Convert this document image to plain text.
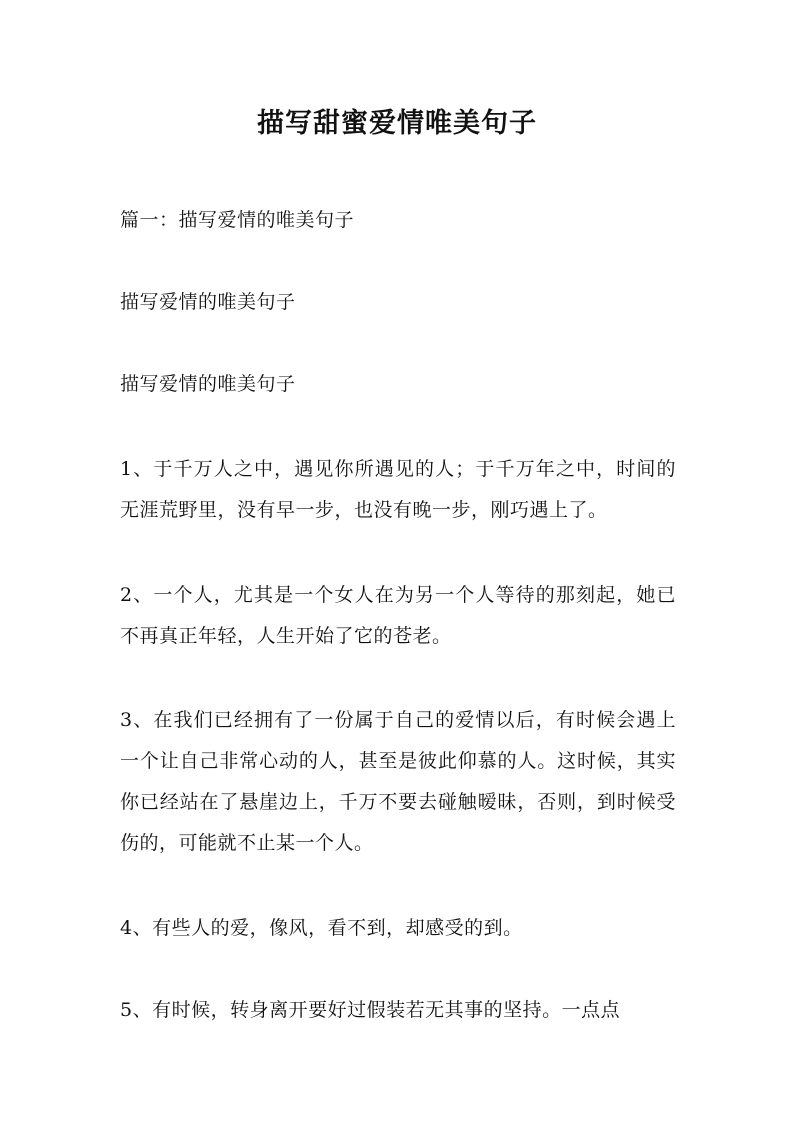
描写甜蜜爱情唯美句子

篇一：描写爱情的唯美句子

描写爱情的唯美句子

描写爱情的唯美句子

1、于千万人之中，遇见你所遇见的人；于千万年之中，时间的无涯荒野里，没有早一步，也没有晚一步，刚巧遇上了。

2、一个人，尤其是一个女人在为另一个人等待的那刻起，她已不再真正年轻，人生开始了它的苍老。

3、在我们已经拥有了一份属于自己的爱情以后，有时候会遇上一个让自己非常心动的人，甚至是彼此仰慕的人。这时候，其实你已经站在了悬崖边上，千万不要去碰触暧昧，否则，到时候受伤的，可能就不止某一个人。

4、有些人的爱，像风，看不到，却感受的到。

5、有时候，转身离开要好过假装若无其事的坚持。一点点
